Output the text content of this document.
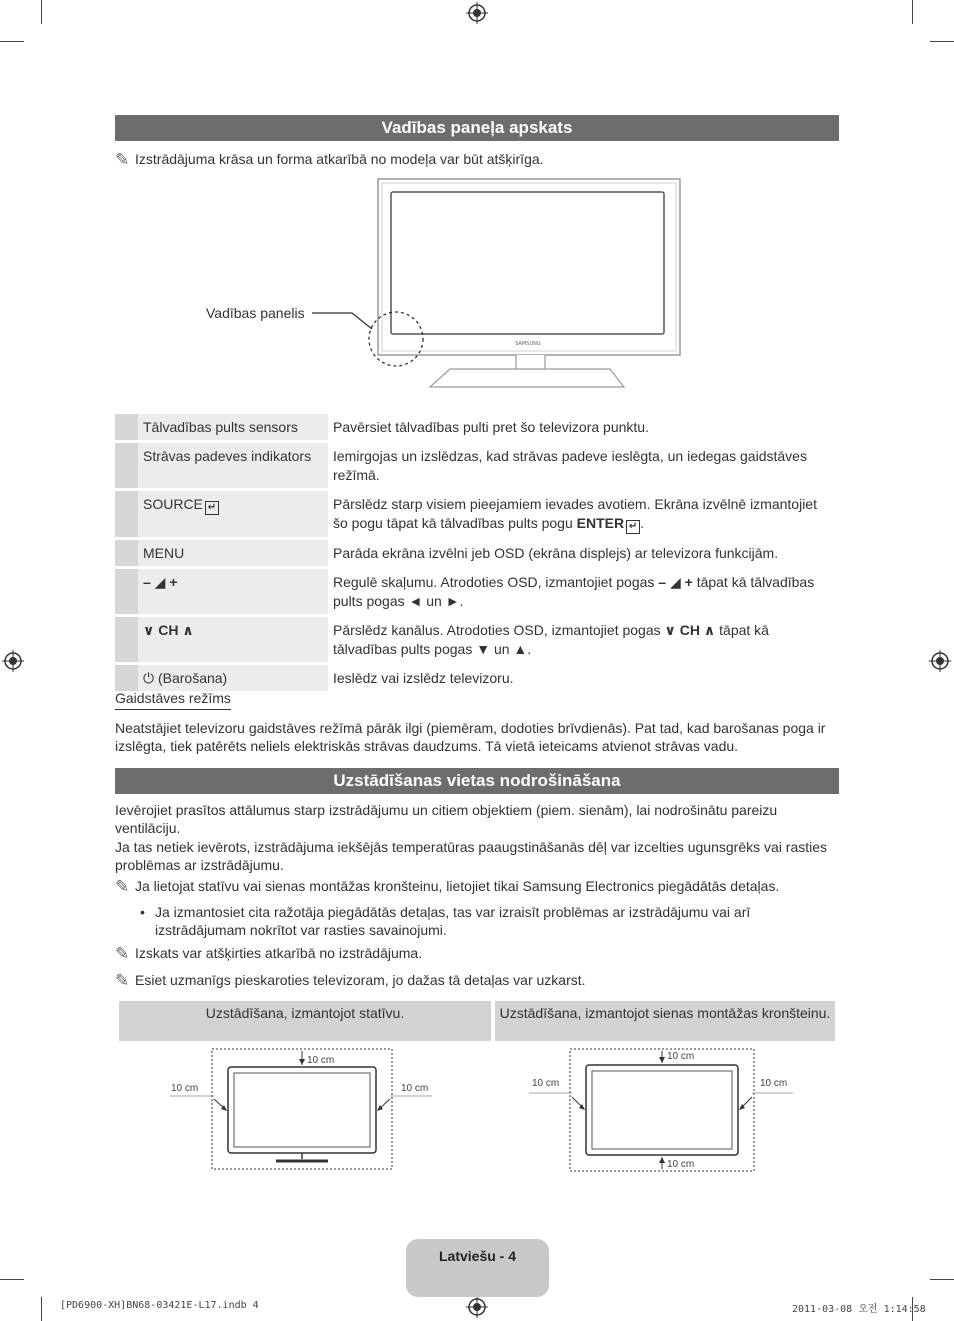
Vadības paneļa apskats
✎ Izstrādājuma krāsa un forma atkarībā no modeļa var būt atšķirīga.
SAMSUNG
Vadības panelis
	Tālvadības pults sensors	Pavērsiet tālvadības pulti pret šo televizora punktu.
	Strāvas padeves indikators	Iemirgojas un izslēdzas, kad strāvas padeve ieslēgta, un iedegas gaidstāves režīmā.
	SOURCE ↵	Pārslēdz starp visiem pieejamiem ievades avotiem. Ekrāna izvēlnē izmantojiet šo pogu tāpat kā tālvadības pults pogu ENTER ↵ .
	MENU	Parāda ekrāna izvēlni jeb OSD (ekrāna displejs) ar televizora funkcijām.
	– ◢ +	Regulē skaļumu. Atrodoties OSD, izmantojiet pogas – ◢ + tāpat kā tālvadības pults pogas ◄ un ►.
	∨ CH ∧	Pārslēdz kanālus. Atrodoties OSD, izmantojiet pogas ∨ CH ∧ tāpat kā tālvadības pults pogas ▼ un ▲.
	⏻ (Barošana)	Ieslēdz vai izslēdz televizoru.
Gaidstāves režīms
Neatstājiet televizoru gaidstāves režīmā pārāk ilgi (piemēram, dodoties brīvdienās). Pat tad, kad barošanas poga ir izslēgta, tiek patērēts neliels elektriskās strāvas daudzums. Tā vietā ieteicams atvienot strāvas vadu.
Uzstādīšanas vietas nodrošināšana
Ievērojiet prasītos attālumus starp izstrādājumu un citiem objektiem (piem. sienām), lai nodrošinātu pareizu ventilāciju.
Ja tas netiek ievērots, izstrādājuma iekšējās temperatūras paaugstināšanās dēļ var izcelties ugunsgrēks vai rasties problēmas ar izstrādājumu.
✎ Ja lietojat statīvu vai sienas montāžas kronšteinu, lietojiet tikai Samsung Electronics piegādātās detaļas.
• Ja izmantosiet cita ražotāja piegādātās detaļas, tas var izraisīt problēmas ar izstrādājumu vai arī izstrādājumam nokrītot var rasties savainojumi.
✎ Izskats var atšķirties atkarībā no izstrādājuma.
✎ Esiet uzmanīgs pieskaroties televizoram, jo dažas tā detaļas var uzkarst.
Uzstādīšana, izmantojot statīvu.	Uzstādīšana, izmantojot sienas montāžas kronšteinu.
10 cm
10 cm	10 cm
10 cm
10 cm	10 cm
10 cm
Latviešu - 4
[PD6900-XH]BN68-03421E-L17.indb 4	2011-03-08 오전 1:14:58
